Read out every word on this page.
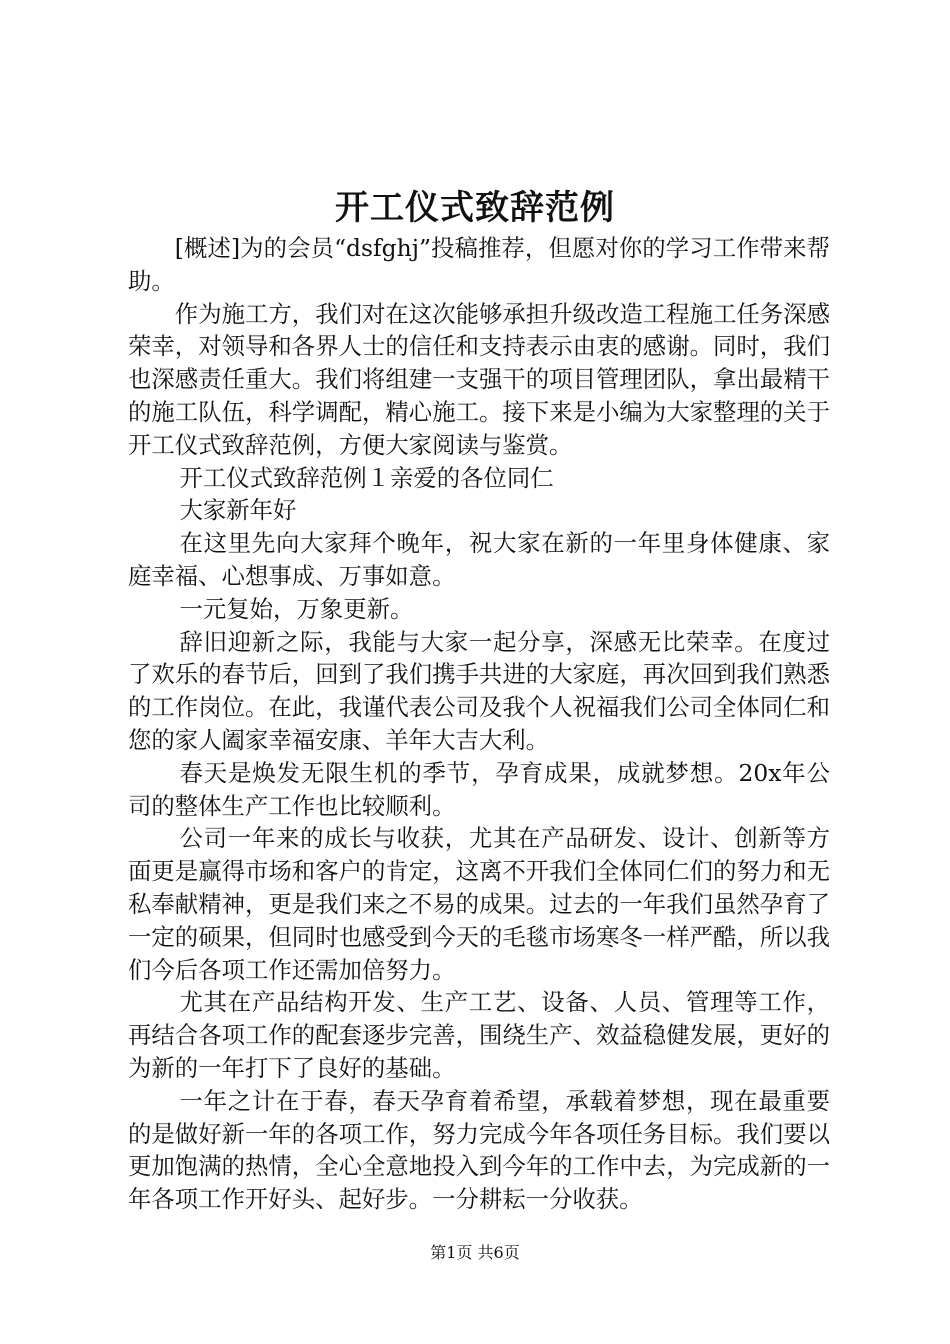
开工仪式致辞范例

[概述]为的会员“dsfghj”投稿推荐，但愿对你的学习工作带来帮助。

作为施工方，我们对在这次能够承担升级改造工程施工任务深感荣幸，对领导和各界人士的信任和支持表示由衷的感谢。同时，我们也深感责任重大。我们将组建一支强干的项目管理团队，拿出最精干的施工队伍，科学调配，精心施工。接下来是小编为大家整理的关于开工仪式致辞范例，方便大家阅读与鉴赏。

开工仪式致辞范例１亲爱的各位同仁

大家新年好

在这里先向大家拜个晚年，祝大家在新的一年里身体健康、家庭幸福、心想事成、万事如意。

一元复始，万象更新。

辞旧迎新之际，我能与大家一起分享，深感无比荣幸。在度过了欢乐的春节后，回到了我们携手共进的大家庭，再次回到我们熟悉的工作岗位。在此，我谨代表公司及我个人祝福我们公司全体同仁和您的家人阖家幸福安康、羊年大吉大利。

春天是焕发无限生机的季节，孕育成果，成就梦想。20x年公司的整体生产工作也比较顺利。

公司一年来的成长与收获，尤其在产品研发、设计、创新等方面更是赢得市场和客户的肯定，这离不开我们全体同仁们的努力和无私奉献精神，更是我们来之不易的成果。过去的一年我们虽然孕育了一定的硕果，但同时也感受到今天的毛毯市场寒冬一样严酷，所以我们今后各项工作还需加倍努力。

尤其在产品结构开发、生产工艺、设备、人员、管理等工作，再结合各项工作的配套逐步完善，围绕生产、效益稳健发展，更好的为新的一年打下了良好的基础。

一年之计在于春，春天孕育着希望，承载着梦想，现在最重要的是做好新一年的各项工作，努力完成今年各项任务目标。我们要以更加饱满的热情，全心全意地投入到今年的工作中去，为完成新的一年各项工作开好头、起好步。一分耕耘一分收获。

第1页 共6页
